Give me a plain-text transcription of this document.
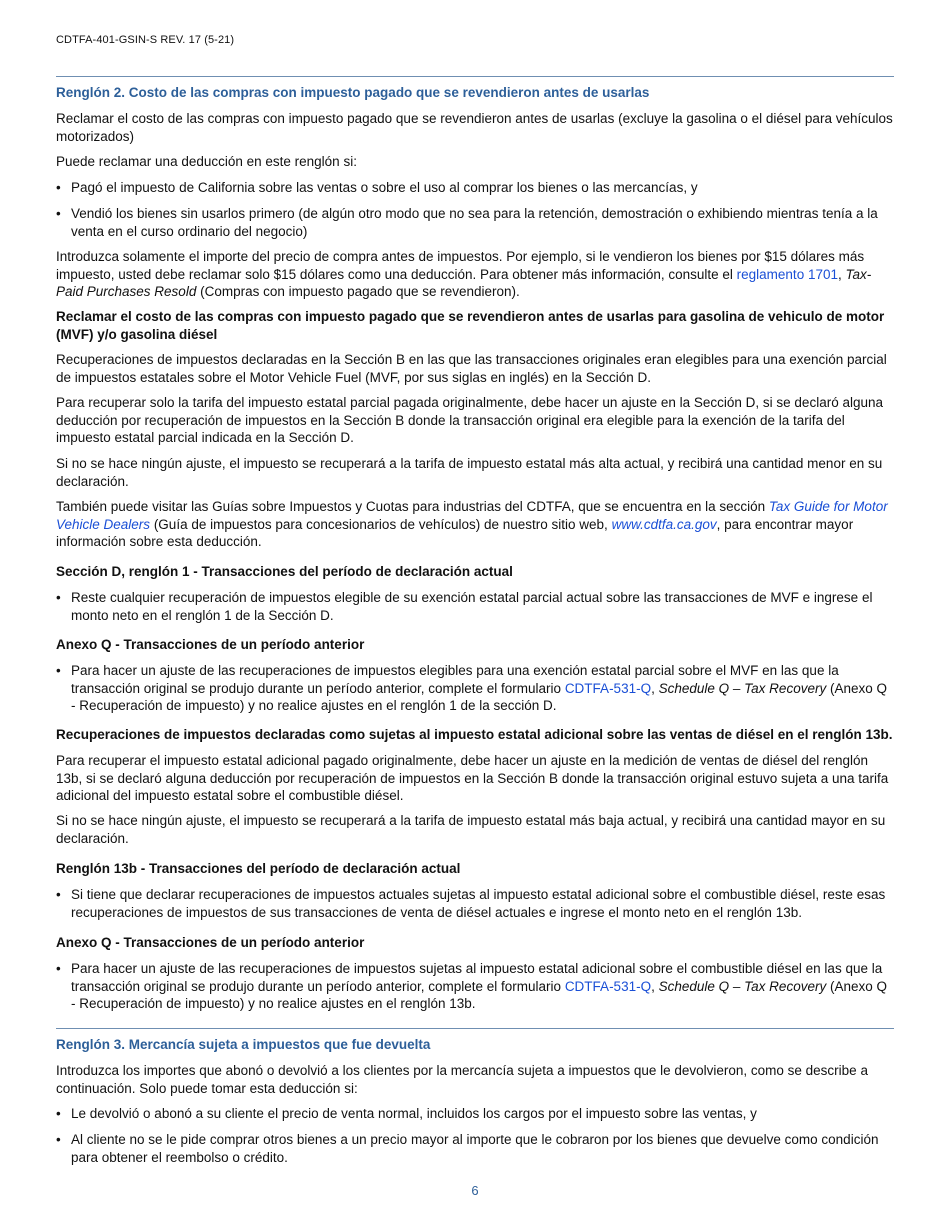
CDTFA-401-GSIN-S REV. 17 (5-21)
Renglón 2. Costo de las compras con impuesto pagado que se revendieron antes de usarlas

Reclamar el costo de las compras con impuesto pagado que se revendieron antes de usarlas (excluye la gasolina o el diésel para vehículos motorizados)

Puede reclamar una deducción en este renglón si:

• Pagó el impuesto de California sobre las ventas o sobre el uso al comprar los bienes o las mercancías, y
• Vendió los bienes sin usarlos primero (de algún otro modo que no sea para la retención, demostración o exhibiendo mientras tenía a la venta en el curso ordinario del negocio)

Introduzca solamente el importe del precio de compra antes de impuestos. Por ejemplo, si le vendieron los bienes por $15 dólares más impuesto, usted debe reclamar solo $15 dólares como una deducción. Para obtener más información, consulte el reglamento 1701, Tax-Paid Purchases Resold (Compras con impuesto pagado que se revendieron).

Reclamar el costo de las compras con impuesto pagado que se revendieron antes de usarlas para gasolina de vehiculo de motor (MVF) y/o gasolina diésel

Recuperaciones de impuestos declaradas en la Sección B en las que las transacciones originales eran elegibles para una exención parcial de impuestos estatales sobre el Motor Vehicle Fuel (MVF, por sus siglas en inglés) en la Sección D.

Para recuperar solo la tarifa del impuesto estatal parcial pagada originalmente, debe hacer un ajuste en la Sección D, si se declaró alguna deducción por recuperación de impuestos en la Sección B donde la transacción original era elegible para la exención de la tarifa del impuesto estatal parcial indicada en la Sección D.

Si no se hace ningún ajuste, el impuesto se recuperará a la tarifa de impuesto estatal más alta actual, y recibirá una cantidad menor en su declaración.

También puede visitar las Guías sobre Impuestos y Cuotas para industrias del CDTFA, que se encuentra en la sección Tax Guide for Motor Vehicle Dealers (Guía de impuestos para concesionarios de vehículos) de nuestro sitio web, www.cdtfa.ca.gov, para encontrar mayor información sobre esta deducción.

Sección D, renglón 1 - Transacciones del período de declaración actual

• Reste cualquier recuperación de impuestos elegible de su exención estatal parcial actual sobre las transacciones de MVF e ingrese el monto neto en el renglón 1 de la Sección D.

Anexo Q - Transacciones de un período anterior

• Para hacer un ajuste de las recuperaciones de impuestos elegibles para una exención estatal parcial sobre el MVF en las que la transacción original se produjo durante un período anterior, complete el formulario CDTFA-531-Q, Schedule Q – Tax Recovery (Anexo Q - Recuperación de impuesto) y no realice ajustes en el renglón 1 de la sección D.

Recuperaciones de impuestos declaradas como sujetas al impuesto estatal adicional sobre las ventas de diésel en el renglón 13b.

Para recuperar el impuesto estatal adicional pagado originalmente, debe hacer un ajuste en la medición de ventas de diésel del renglón 13b, si se declaró alguna deducción por recuperación de impuestos en la Sección B donde la transacción original estuvo sujeta a una tarifa adicional del impuesto estatal sobre el combustible diésel.

Si no se hace ningún ajuste, el impuesto se recuperará a la tarifa de impuesto estatal más baja actual, y recibirá una cantidad mayor en su declaración.

Renglón 13b - Transacciones del período de declaración actual

• Si tiene que declarar recuperaciones de impuestos actuales sujetas al impuesto estatal adicional sobre el combustible diésel, reste esas recuperaciones de impuestos de sus transacciones de venta de diésel actuales e ingrese el monto neto en el renglón 13b.

Anexo Q - Transacciones de un período anterior

• Para hacer un ajuste de las recuperaciones de impuestos sujetas al impuesto estatal adicional sobre el combustible diésel en las que la transacción original se produjo durante un período anterior, complete el formulario CDTFA-531-Q, Schedule Q – Tax Recovery (Anexo Q - Recuperación de impuesto) y no realice ajustes en el renglón 13b.
Renglón 3. Mercancía sujeta a impuestos que fue devuelta

Introduzca los importes que abonó o devolvió a los clientes por la mercancía sujeta a impuestos que le devolvieron, como se describe a continuación. Solo puede tomar esta deducción si:

• Le devolvió o abonó a su cliente el precio de venta normal, incluidos los cargos por el impuesto sobre las ventas, y
• Al cliente no se le pide comprar otros bienes a un precio mayor al importe que le cobraron por los bienes que devuelve como condición para obtener el reembolso o crédito.
6
